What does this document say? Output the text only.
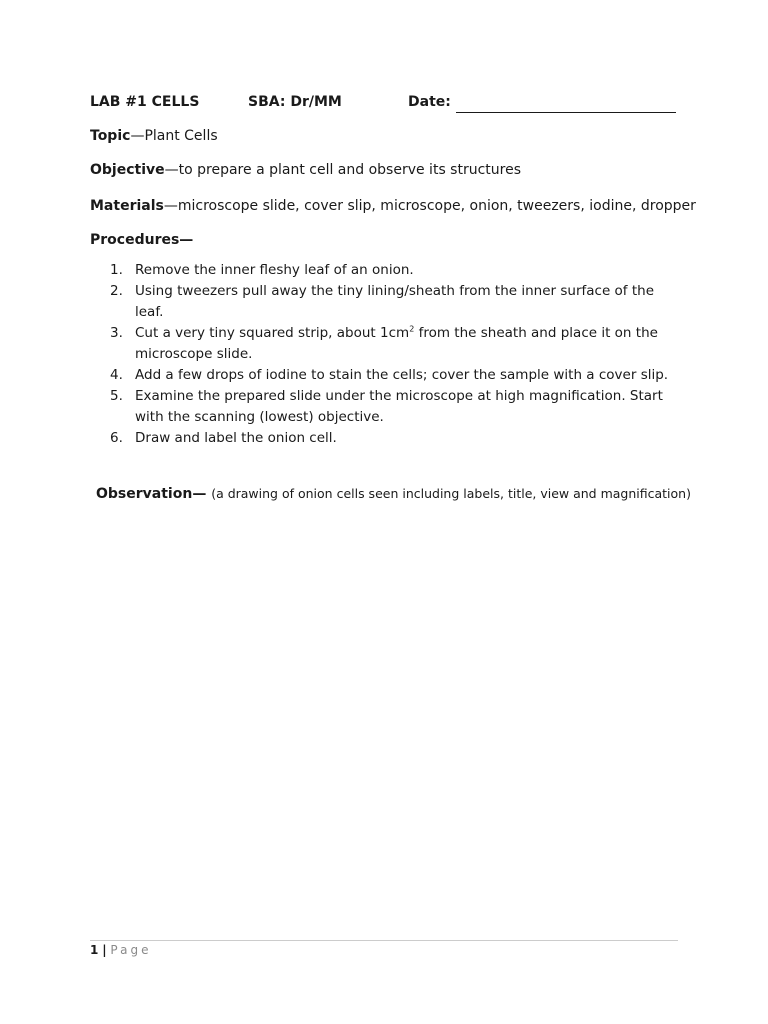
LAB #1 CELLS	SBA: Dr/MM	Date:
Topic—Plant Cells
Objective—to prepare a plant cell and observe its structures
Materials—microscope slide, cover slip, microscope, onion, tweezers, iodine, dropper
Procedures—
1. Remove the inner fleshy leaf of an onion.
2. Using tweezers pull away the tiny lining/sheath from the inner surface of the leaf.
3. Cut a very tiny squared strip, about $1cm^2$ from the sheath and place it on the microscope slide.
4. Add a few drops of iodine to stain the cells; cover the sample with a cover slip.
5. Examine the prepared slide under the microscope at high magnification. Start with the scanning (lowest) objective.
6. Draw and label the onion cell.
Observation— (a drawing of onion cells seen including labels, title, view and magnification)
1 | Page
